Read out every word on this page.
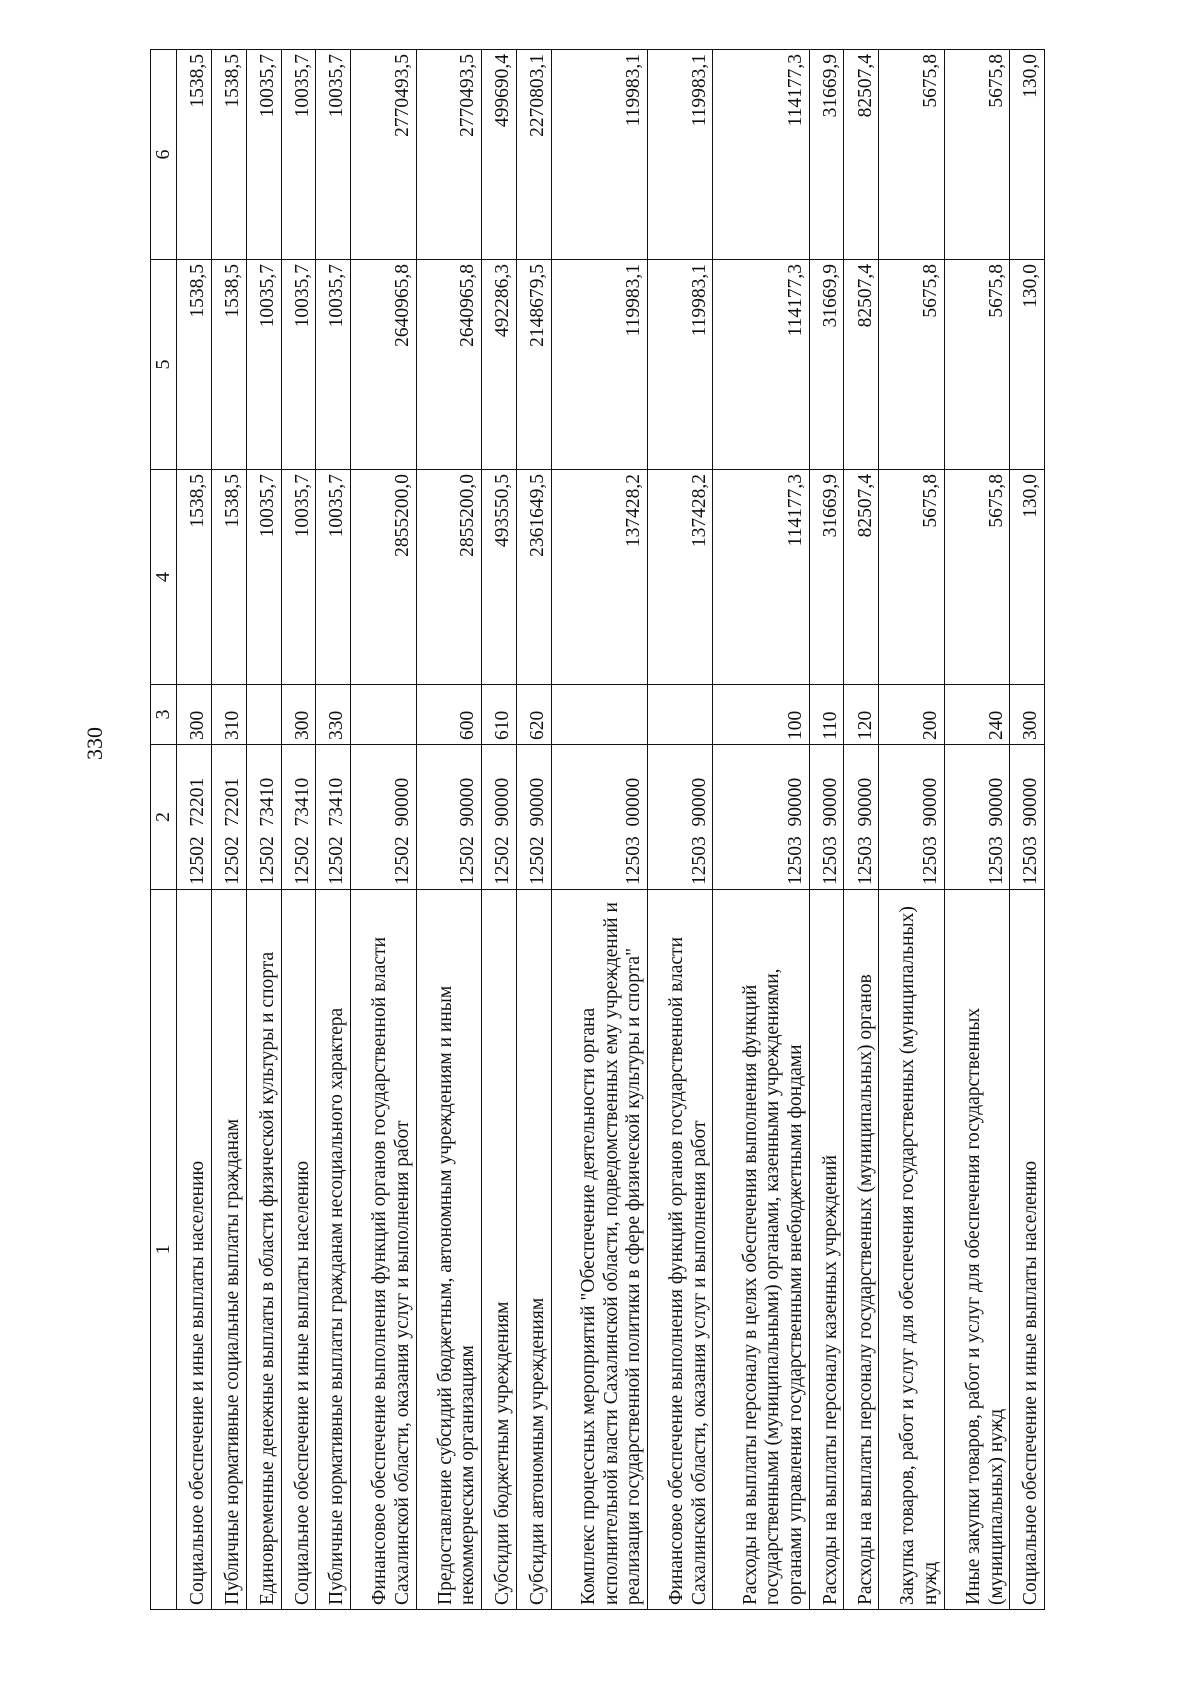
330
1	2	3	4	5	6
Социальное обеспечение и иные выплаты населению	12502  72201	300	1538,5	1538,5	1538,5
Публичные нормативные социальные выплаты гражданам	12502  72201	310	1538,5	1538,5	1538,5
Единовременные денежные выплаты в области физической культуры и спорта	12502  73410		10035,7	10035,7	10035,7
Социальное обеспечение и иные выплаты населению	12502  73410	300	10035,7	10035,7	10035,7
Публичные нормативные выплаты гражданам несоциального характера	12502  73410	330	10035,7	10035,7	10035,7
Финансовое обеспечение выполнения функций органов государственной власти Сахалинской области, оказания услуг и выполнения работ	12502  90000		2855200,0	2640965,8	2770493,5
Предоставление субсидий бюджетным, автономным учреждениям и иным некоммерческим организациям	12502  90000	600	2855200,0	2640965,8	2770493,5
Субсидии бюджетным учреждениям	12502  90000	610	493550,5	492286,3	499690,4
Субсидии автономным учреждениям	12502  90000	620	2361649,5	2148679,5	2270803,1
Комплекс процессных мероприятий "Обеспечение деятельности органа исполнительной власти Сахалинской области, подведомственных ему учреждений и реализация государственной политики в сфере физической культуры и спорта"	12503  00000		137428,2	119983,1	119983,1
Финансовое обеспечение выполнения функций органов государственной власти Сахалинской области, оказания услуг и выполнения работ	12503  90000		137428,2	119983,1	119983,1
Расходы на выплаты персоналу в целях обеспечения выполнения функций государственными (муниципальными) органами, казенными учреждениями, органами управления государственными внебюджетными фондами	12503  90000	100	114177,3	114177,3	114177,3
Расходы на выплаты персоналу казенных учреждений	12503  90000	110	31669,9	31669,9	31669,9
Расходы на выплаты персоналу государственных (муниципальных) органов	12503  90000	120	82507,4	82507,4	82507,4
Закупка товаров, работ и услуг для обеспечения государственных (муниципальных) нужд	12503  90000	200	5675,8	5675,8	5675,8
Иные закупки товаров, работ и услуг для обеспечения государственных (муниципальных) нужд	12503  90000	240	5675,8	5675,8	5675,8
Социальное обеспечение и иные выплаты населению	12503  90000	300	130,0	130,0	130,0
